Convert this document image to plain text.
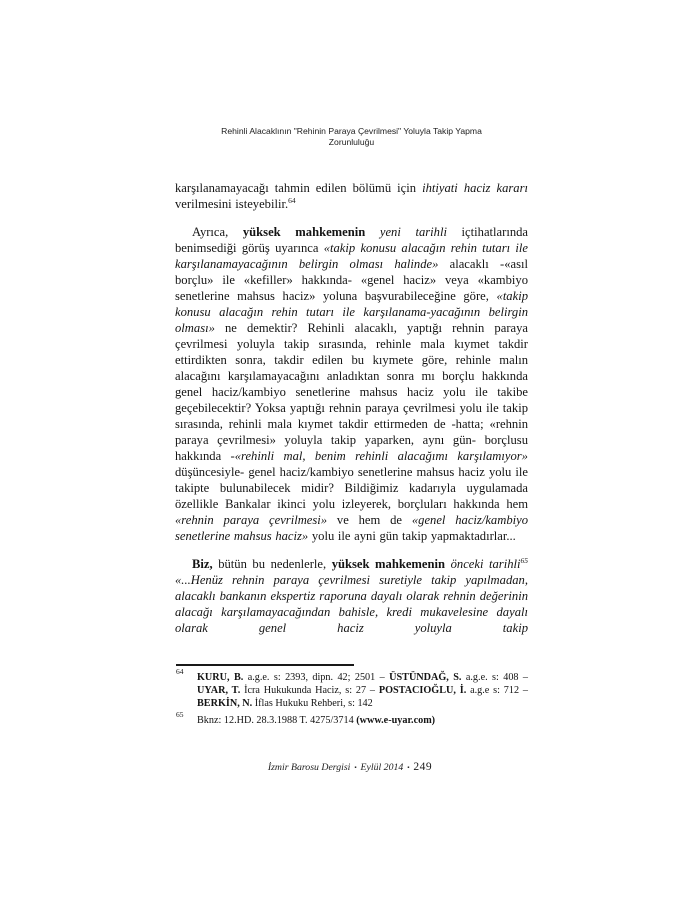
Rehinli Alacaklının "Rehinin Paraya Çevrilmesi" Yoluyla Takip Yapma
Zorunluluğu

karşılanamayacağı tahmin edilen bölümü için ihtiyati haciz kararı verilmesini isteyebilir.$^{64}$

Ayrıca, yüksek mahkemenin yeni tarihli içtihatlarında benimsediği görüş uyarınca «takip konusu alacağın rehin tutarı ile karşılanamayacağının belirgin olması halinde» alacaklı -«asıl borçlu» ile «kefiller» hakkında- «genel haciz» veya «kambiyo senetlerine mahsus haciz» yoluna başvurabileceğine göre, «takip konusu alacağın rehin tutarı ile karşılanama-yacağının belirgin olması» ne demektir? Rehinli alacaklı, yaptığı rehnin paraya çevrilmesi yoluyla takip sırasında, rehinle mala kıymet takdir ettirdikten sonra, takdir edilen bu kıymete göre, rehinle malın alacağını karşılamayacağını anladıktan sonra mı borçlu hakkında genel haciz/kambiyo senetlerine mahsus haciz yolu ile takibe geçebilecektir? Yoksa yaptığı rehnin paraya çevrilmesi yolu ile takip sırasında, rehinli mala kıymet takdir ettirmeden de -hatta; «rehnin paraya çevrilmesi» yoluyla takip yaparken, aynı gün- borçlusu hakkında -«rehinli mal, benim rehinli alacağımı karşılamıyor» düşüncesiyle- genel haciz/kambiyo senetlerine mahsus haciz yolu ile takipte bulunabilecek midir? Bildiğimiz kadarıyla uygulamada özellikle Bankalar ikinci yolu izleyerek, borçluları hakkında hem «rehnin paraya çevrilmesi» ve hem de «genel haciz/kambiyo senetlerine mahsus haciz» yolu ile ayni gün takip yapmaktadırlar...

Biz, bütün bu nedenlerle, yüksek mahkemenin önceki tarihli$^{65}$ «...Henüz rehnin paraya çevrilmesi suretiyle takip yapılmadan, alacaklı bankanın ekspertiz raporuna dayalı olarak rehnin değerinin alacağı karşılamayacağından bahisle, kredi mukavelesine dayalı olarak genel haciz yoluyla takip

64
KURU, B. a.g.e. s: 2393, dipn. 42; 2501 – ÜSTÜNDAĞ, S. a.g.e. s: 408 – UYAR, T. İcra Hukukunda Haciz, s: 27 – POSTACIOĞLU, İ. a.g.e s: 712 –BERKİN, N. İflas Hukuku Rehberi, s: 142
65
Bknz: 12.HD. 28.3.1988 T. 4275/3714 (www.e-uyar.com)
İzmir Barosu Dergisi ▪ Eylül 2014 ▪ 249
